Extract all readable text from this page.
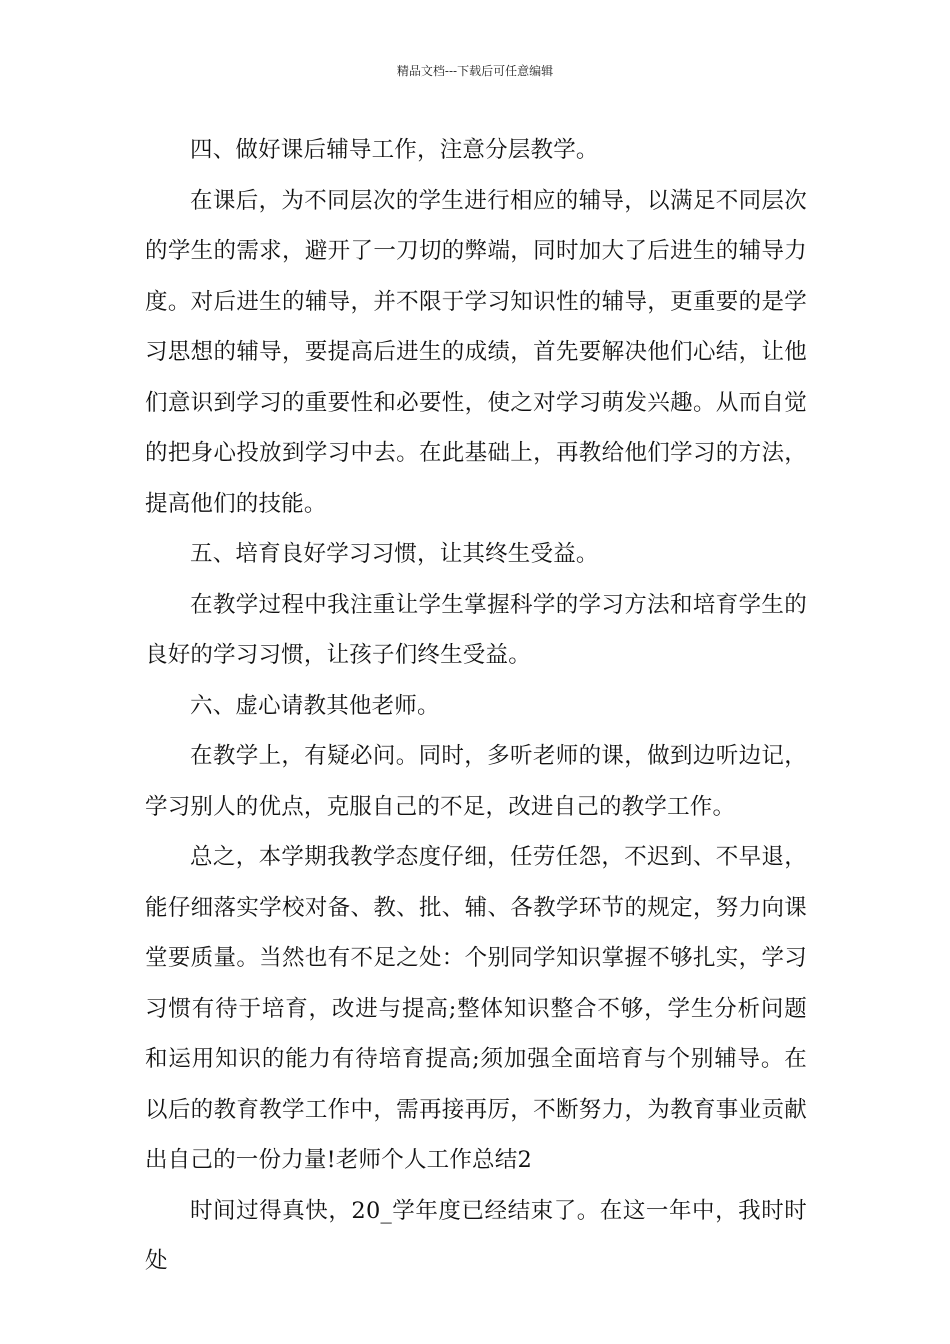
精品文档---下载后可任意编辑

四、做好课后辅导工作，注意分层教学。

在课后，为不同层次的学生进行相应的辅导，以满足不同层次的学生的需求，避开了一刀切的弊端，同时加大了后进生的辅导力度。对后进生的辅导，并不限于学习知识性的辅导，更重要的是学习思想的辅导，要提高后进生的成绩，首先要解决他们心结，让他们意识到学习的重要性和必要性，使之对学习萌发兴趣。从而自觉的把身心投放到学习中去。在此基础上，再教给他们学习的方法，提高他们的技能。

五、培育良好学习习惯，让其终生受益。

在教学过程中我注重让学生掌握科学的学习方法和培育学生的良好的学习习惯，让孩子们终生受益。

六、虚心请教其他老师。

在教学上，有疑必问。同时，多听老师的课，做到边听边记，学习别人的优点，克服自己的不足，改进自己的教学工作。

总之，本学期我教学态度仔细，任劳任怨，不迟到、不早退，能仔细落实学校对备、教、批、辅、各教学环节的规定，努力向课堂要质量。当然也有不足之处：个别同学知识掌握不够扎实，学习习惯有待于培育，改进与提高;整体知识整合不够，学生分析问题和运用知识的能力有待培育提高;须加强全面培育与个别辅导。在以后的教育教学工作中，需再接再厉，不断努力，为教育事业贡献出自己的一份力量!老师个人工作总结2

时间过得真快，20_学年度已经结束了。在这一年中，我时时处
